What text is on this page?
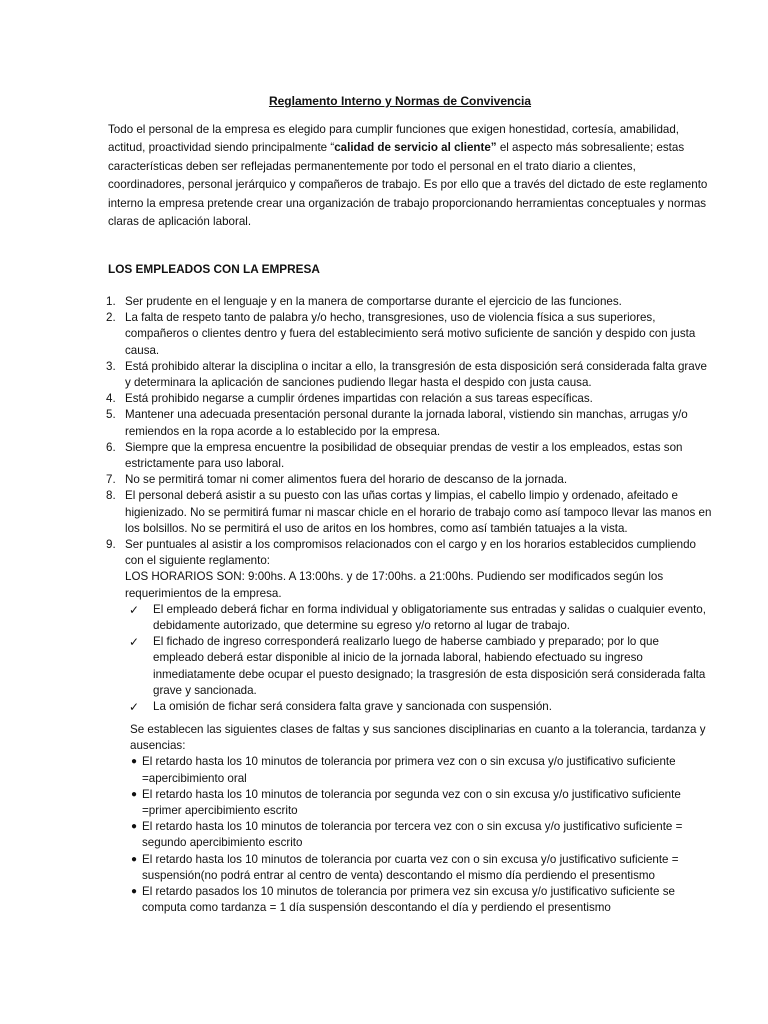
Reglamento Interno y Normas de Convivencia
Todo el personal de la empresa es elegido para cumplir funciones que exigen honestidad, cortesía, amabilidad, actitud, proactividad siendo principalmente “calidad de servicio al cliente” el aspecto más sobresaliente; estas características deben ser reflejadas permanentemente por todo el personal en el trato diario a clientes, coordinadores, personal jerárquico y compañeros de trabajo. Es por ello que a través del dictado de este reglamento interno la empresa pretende crear una organización de trabajo proporcionando herramientas conceptuales y normas claras de aplicación laboral.
LOS EMPLEADOS CON LA EMPRESA
1. Ser prudente en el lenguaje y en la manera de comportarse durante el ejercicio de las funciones.
2. La falta de respeto tanto de palabra y/o hecho, transgresiones, uso de violencia física a sus superiores, compañeros o clientes dentro y fuera del establecimiento será motivo suficiente de sanción y despido con justa causa.
3. Está prohibido alterar la disciplina o incitar a ello, la transgresión de esta disposición será considerada falta grave y determinara la aplicación de sanciones pudiendo llegar hasta el despido con justa causa.
4. Está prohibido negarse a cumplir órdenes impartidas con relación a sus tareas específicas.
5. Mantener una adecuada presentación personal durante la jornada laboral, vistiendo sin manchas, arrugas y/o remiendos en la ropa acorde a lo establecido por la empresa.
6. Siempre que la empresa encuentre la posibilidad de obsequiar prendas de vestir a los empleados, estas son estrictamente para uso laboral.
7. No se permitirá tomar ni comer alimentos fuera del horario de descanso de la jornada.
8. El personal deberá asistir a su puesto con las uñas cortas y limpias, el cabello limpio y ordenado, afeitado e higienizado. No se permitirá fumar ni mascar chicle en el horario de trabajo como así tampoco llevar las manos en los bolsillos. No se permitirá el uso de aritos en los hombres, como así también tatuajes a la vista.
9. Ser puntuales al asistir a los compromisos relacionados con el cargo y en los horarios establecidos cumpliendo con el siguiente reglamento:
LOS HORARIOS SON: 9:00hs. A 13:00hs. y de 17:00hs. a 21:00hs. Pudiendo ser modificados según los requerimientos de la empresa.
✓ El empleado deberá fichar en forma individual y obligatoriamente sus entradas y salidas o cualquier evento, debidamente autorizado, que determine su egreso y/o retorno al lugar de trabajo.
✓ El fichado de ingreso corresponderá realizarlo luego de haberse cambiado y preparado; por lo que empleado deberá estar disponible al inicio de la jornada laboral, habiendo efectuado su ingreso inmediatamente debe ocupar el puesto designado; la trasgresión de esta disposición será considerada falta grave y sancionada.
✓ La omisión de fichar será considera falta grave y sancionada con suspensión.

Se establecen las siguientes clases de faltas y sus sanciones disciplinarias en cuanto a la tolerancia, tardanza y ausencias:

● El retardo hasta los 10 minutos de tolerancia por primera vez con o sin excusa y/o justificativo suficiente =apercibimiento oral
● El retardo hasta los 10 minutos de tolerancia por segunda vez con o sin excusa y/o justificativo suficiente =primer apercibimiento escrito
● El retardo hasta los 10 minutos de tolerancia por tercera vez con o sin excusa y/o justificativo suficiente = segundo apercibimiento escrito
● El retardo hasta los 10 minutos de tolerancia por cuarta vez con o sin excusa y/o justificativo suficiente = suspensión(no podrá entrar al centro de venta) descontando el mismo día perdiendo el presentismo
● El retardo pasados los 10 minutos de tolerancia por primera vez sin excusa y/o justificativo suficiente se computa como tardanza = 1 día suspensión descontando el día y perdiendo el presentismo
